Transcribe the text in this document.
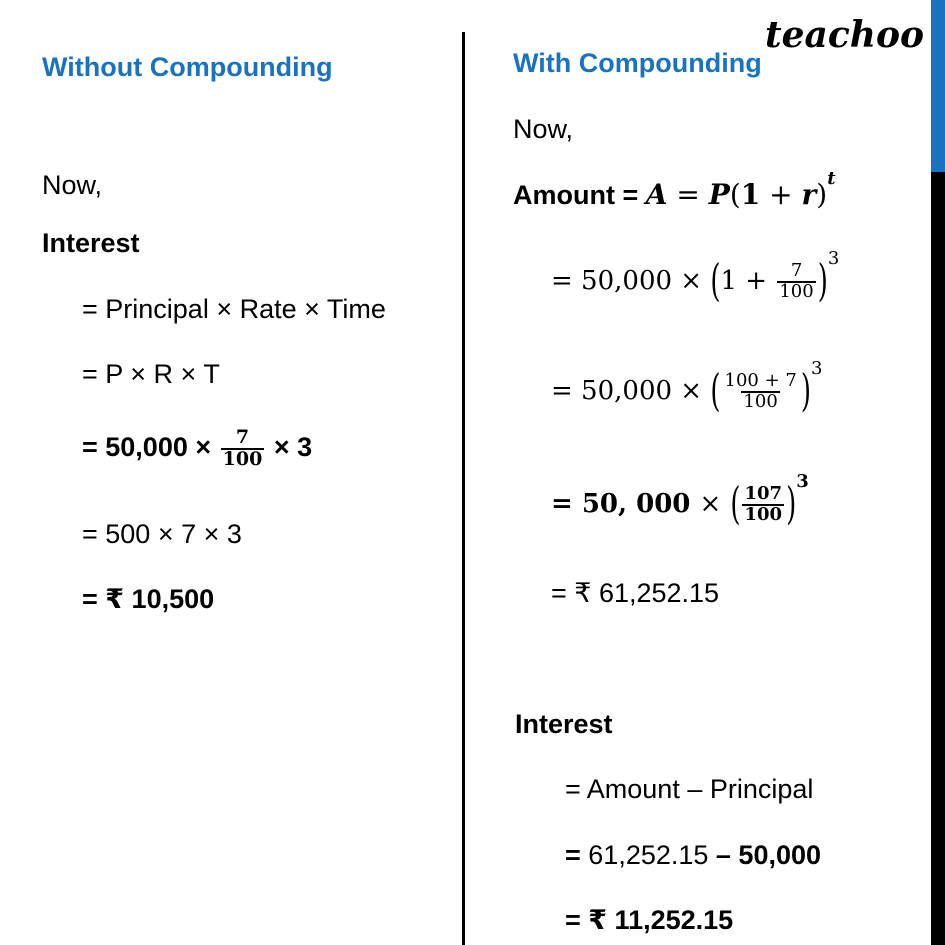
teachoo
Without Compounding
Now,
Interest
= Principal × Rate × Time
= P × R × T
= $50,000 \times \frac{7}{100} \times 3$
= 500 × 7 × 3
= ₹ 10,500
With Compounding
Now,
Amount = $A = P(1 + r)^t$
= $50,000 \times (1 + \frac{7}{100} )^3$
= 50,000 × ( $\frac{100 + 7}{100} )^3$
= 50, 000 × ( $\frac{107}{100} )^3$
= ₹ 61,252.15
Interest
= Amount – Principal
= 61,252.15 – 50,000
= ₹ 11,252.15
